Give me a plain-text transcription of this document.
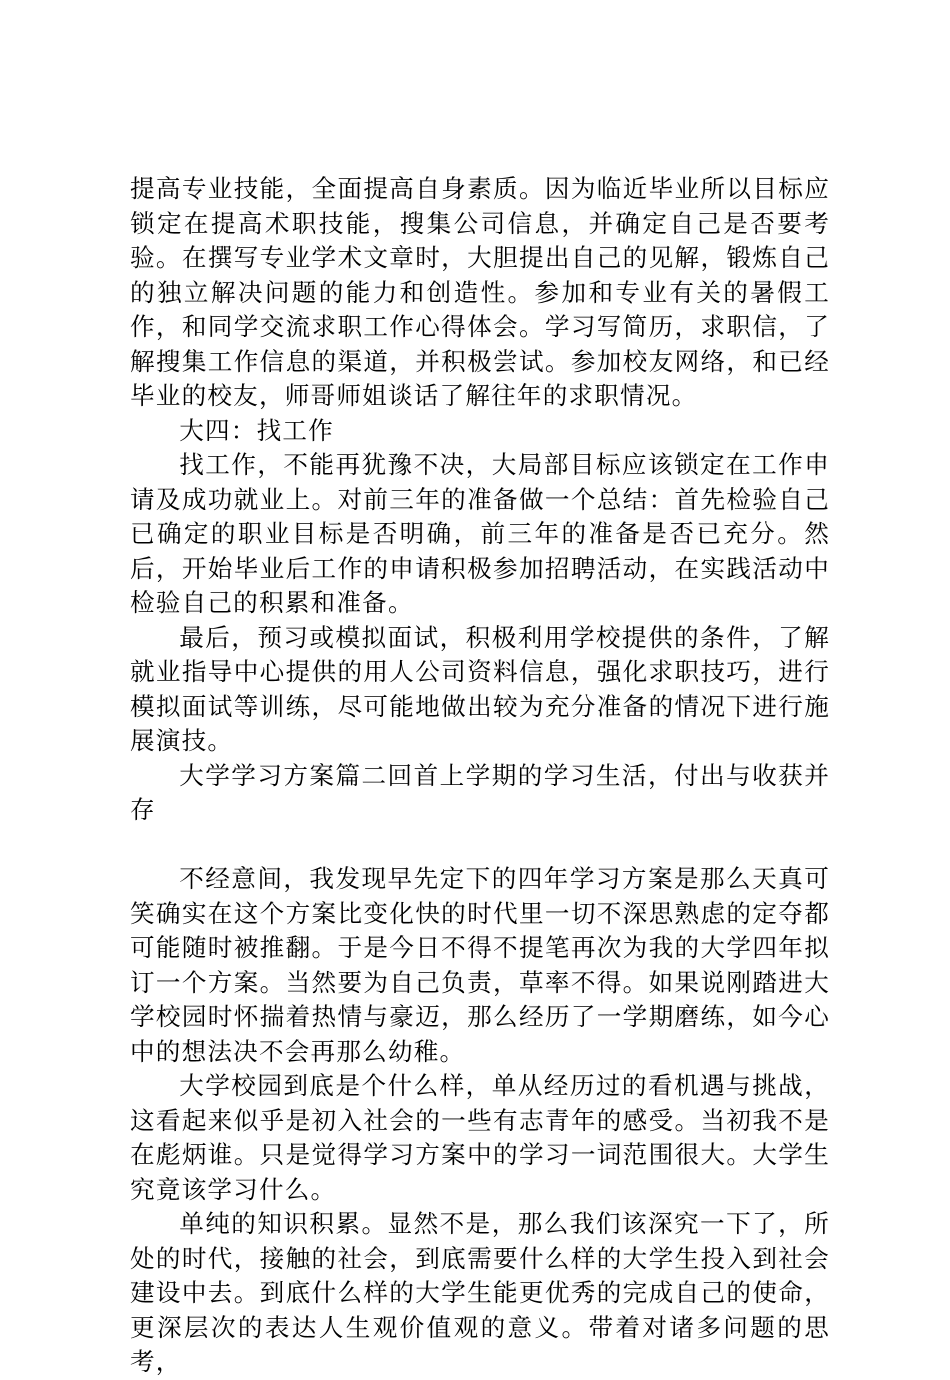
提高专业技能，全面提高自身素质。因为临近毕业所以目标应锁定在提高术职技能，搜集公司信息，并确定自己是否要考验。在撰写专业学术文章时，大胆提出自己的见解，锻炼自己的独立解决问题的能力和创造性。参加和专业有关的暑假工作，和同学交流求职工作心得体会。学习写简历，求职信，了解搜集工作信息的渠道，并积极尝试。参加校友网络，和已经毕业的校友，师哥师姐谈话了解往年的求职情况。

大四：找工作

找工作，不能再犹豫不决，大局部目标应该锁定在工作申请及成功就业上。对前三年的准备做一个总结：首先检验自己已确定的职业目标是否明确，前三年的准备是否已充分。然后，开始毕业后工作的申请积极参加招聘活动，在实践活动中检验自己的积累和准备。

最后，预习或模拟面试，积极利用学校提供的条件，了解就业指导中心提供的用人公司资料信息，强化求职技巧，进行模拟面试等训练，尽可能地做出较为充分准备的情况下进行施展演技。

大学学习方案篇二回首上学期的学习生活，付出与收获并存

不经意间，我发现早先定下的四年学习方案是那么天真可笑确实在这个方案比变化快的时代里一切不深思熟虑的定夺都可能随时被推翻。于是今日不得不提笔再次为我的大学四年拟订一个方案。当然要为自己负责，草率不得。如果说刚踏进大学校园时怀揣着热情与豪迈，那么经历了一学期磨练，如今心中的想法决不会再那么幼稚。

大学校园到底是个什么样，单从经历过的看机遇与挑战，这看起来似乎是初入社会的一些有志青年的感受。当初我不是在彪炳谁。只是觉得学习方案中的学习一词范围很大。大学生究竟该学习什么。

单纯的知识积累。显然不是，那么我们该深究一下了，所处的时代，接触的社会，到底需要什么样的大学生投入到社会建设中去。到底什么样的大学生能更优秀的完成自己的使命，更深层次的表达人生观价值观的意义。带着对诸多问题的思考，
